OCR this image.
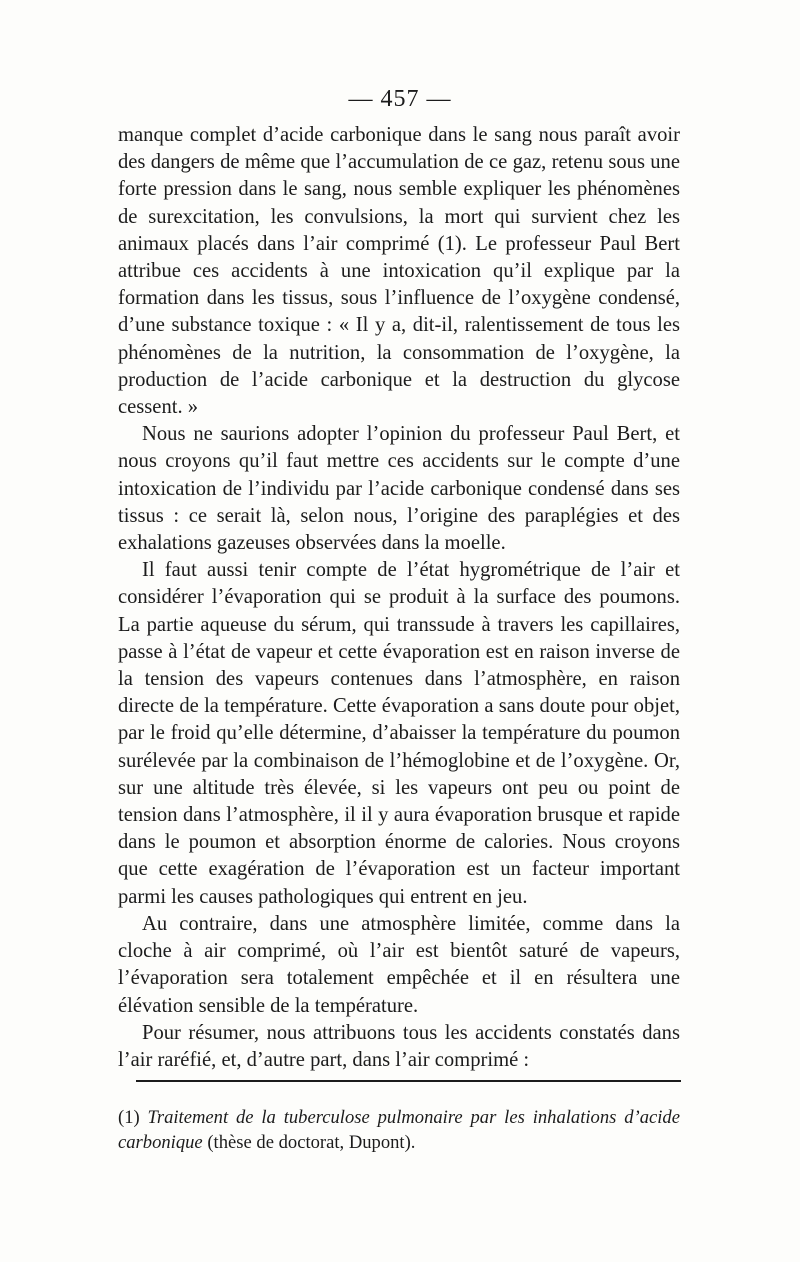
— 457 —

manque complet d’acide carbonique dans le sang nous paraît avoir des dangers de même que l’accumulation de ce gaz, retenu sous une forte pression dans le sang, nous semble expliquer les phénomènes de surexcitation, les convulsions, la mort qui survient chez les animaux placés dans l’air comprimé (1). Le professeur Paul Bert attribue ces accidents à une intoxication qu’il explique par la formation dans les tissus, sous l’influence de l’oxygène condensé, d’une substance toxique : « Il y a, dit-il, ralentissement de tous les phénomènes de la nutrition, la consommation de l’oxygène, la production de l’acide carbonique et la destruction du glycose cessent. »

Nous ne saurions adopter l’opinion du professeur Paul Bert, et nous croyons qu’il faut mettre ces accidents sur le compte d’une intoxication de l’individu par l’acide carbonique condensé dans ses tissus : ce serait là, selon nous, l’origine des paraplégies et des exhalations gazeuses observées dans la moelle.

Il faut aussi tenir compte de l’état hygrométrique de l’air et considérer l’évaporation qui se produit à la surface des poumons. La partie aqueuse du sérum, qui transsude à travers les capillaires, passe à l’état de vapeur et cette évaporation est en raison inverse de la tension des vapeurs contenues dans l’atmosphère, en raison directe de la température. Cette évaporation a sans doute pour objet, par le froid qu’elle détermine, d’abaisser la température du poumon surélevée par la combinaison de l’hémoglobine et de l’oxygène. Or, sur une altitude très élevée, si les vapeurs ont peu ou point de tension dans l’atmosphère, il il y aura évaporation brusque et rapide dans le poumon et absorption énorme de calories. Nous croyons que cette exagération de l’évaporation est un facteur important parmi les causes pathologiques qui entrent en jeu.

Au contraire, dans une atmosphère limitée, comme dans la cloche à air comprimé, où l’air est bientôt saturé de vapeurs, l’évaporation sera totalement empêchée et il en résultera une élévation sensible de la température.

Pour résumer, nous attribuons tous les accidents constatés dans l’air raréfié, et, d’autre part, dans l’air comprimé :

(1) Traitement de la tuberculose pulmonaire par les inhalations d’acide carbonique (thèse de doctorat, Dupont).
